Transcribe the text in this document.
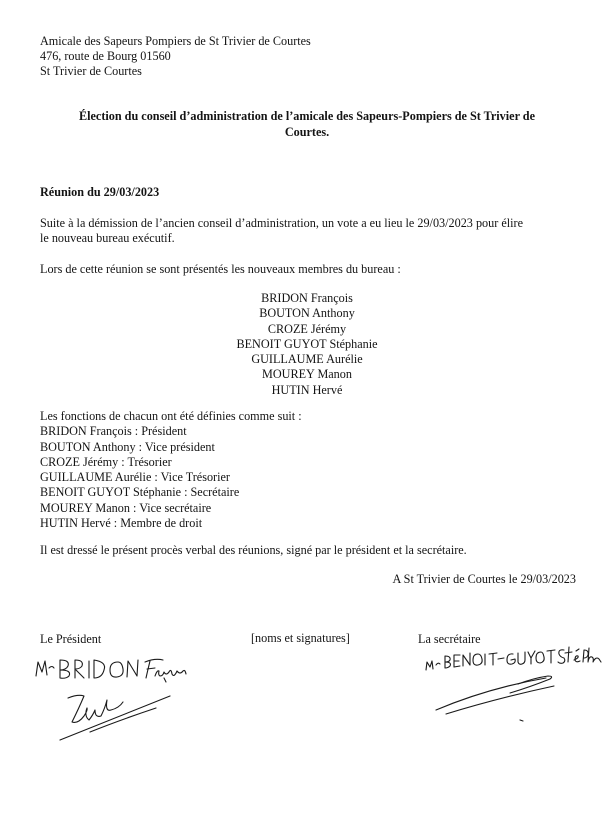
Amicale des Sapeurs Pompiers de St Trivier de Courtes
476, route de Bourg 01560
St Trivier de Courtes
Élection du conseil d’administration de l’amicale des Sapeurs-Pompiers de St Trivier de
Courtes.
Réunion du 29/03/2023
Suite à la démission de l’ancien conseil d’administration, un vote a eu lieu le 29/03/2023 pour élire
le nouveau bureau exécutif.
Lors de cette réunion se sont présentés les nouveaux membres du bureau :
BRIDON François
BOUTON Anthony
CROZE Jérémy
BENOIT GUYOT Stéphanie
GUILLAUME Aurélie
MOUREY Manon
HUTIN Hervé
Les fonctions de chacun ont été définies comme suit :
BRIDON François : Président
BOUTON Anthony : Vice président
CROZE Jérémy : Trésorier
GUILLAUME Aurélie : Vice Trésorier
BENOIT GUYOT Stéphanie : Secrétaire
MOUREY Manon : Vice secrétaire
HUTIN Hervé : Membre de droit
Il est dressé le présent procès verbal des réunions, signé par le président et la secrétaire.
A St Trivier de Courtes le 29/03/2023
Le Président	[noms et signatures]	La secrétaire
